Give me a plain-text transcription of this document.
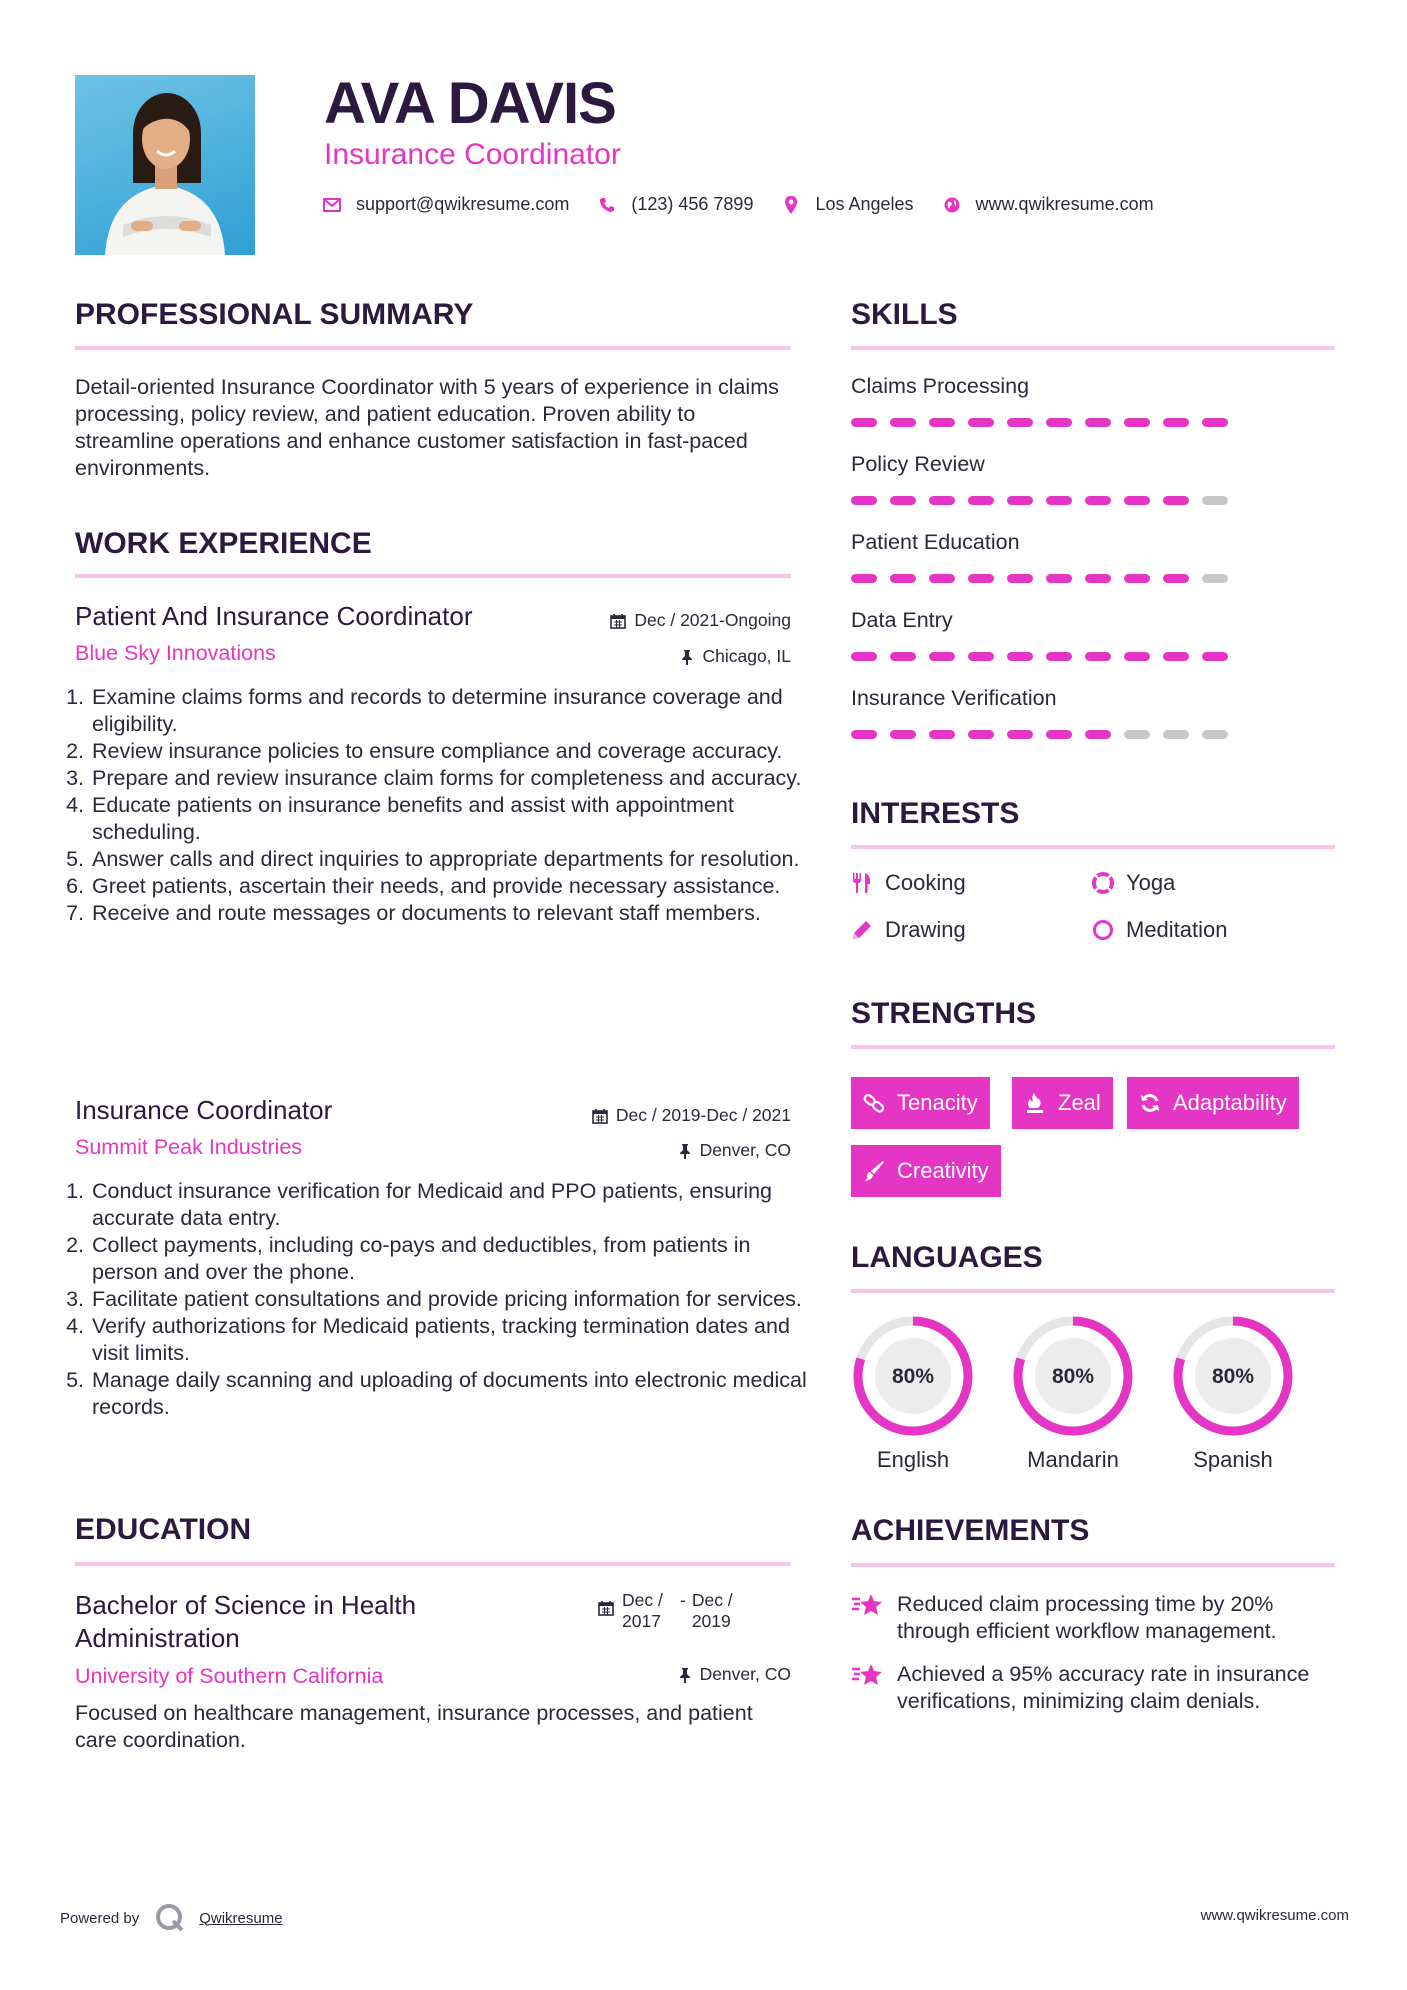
AVA DAVIS
Insurance Coordinator
support@qwikresume.com	(123) 456 7899	Los Angeles	www.qwikresume.com
PROFESSIONAL SUMMARY
Detail-oriented Insurance Coordinator with 5 years of experience in claims processing, policy review, and patient education. Proven ability to streamline operations and enhance customer satisfaction in fast-paced environments.
WORK EXPERIENCE
Patient And Insurance Coordinator	Dec / 2021-Ongoing
Blue Sky Innovations	Chicago, IL
1. Examine claims forms and records to determine insurance coverage and eligibility.
2. Review insurance policies to ensure compliance and coverage accuracy.
3. Prepare and review insurance claim forms for completeness and accuracy.
4. Educate patients on insurance benefits and assist with appointment scheduling.
5. Answer calls and direct inquiries to appropriate departments for resolution.
6. Greet patients, ascertain their needs, and provide necessary assistance.
7. Receive and route messages or documents to relevant staff members.
Insurance Coordinator	Dec / 2019-Dec / 2021
Summit Peak Industries	Denver, CO
1. Conduct insurance verification for Medicaid and PPO patients, ensuring accurate data entry.
2. Collect payments, including co-pays and deductibles, from patients in person and over the phone.
3. Facilitate patient consultations and provide pricing information for services.
4. Verify authorizations for Medicaid patients, tracking termination dates and visit limits.
5. Manage daily scanning and uploading of documents into electronic medical records.
EDUCATION
Bachelor of Science in Health Administration
Dec / 2017
- Dec / 2019
University of Southern California	Denver, CO
Focused on healthcare management, insurance processes, and patient care coordination.
SKILLS
Claims Processing
Policy Review
Patient Education
Data Entry
Insurance Verification
INTERESTS
Cooking	Yoga
Drawing	Meditation
STRENGTHS
Tenacity	Zeal	Adaptability
Creativity
LANGUAGES
80%
English
80%
Mandarin
80%
Spanish
ACHIEVEMENTS
Reduced claim processing time by 20% through efficient workflow management.
Achieved a 95% accuracy rate in insurance verifications, minimizing claim denials.
Powered by	Qwikresume	www.qwikresume.com
